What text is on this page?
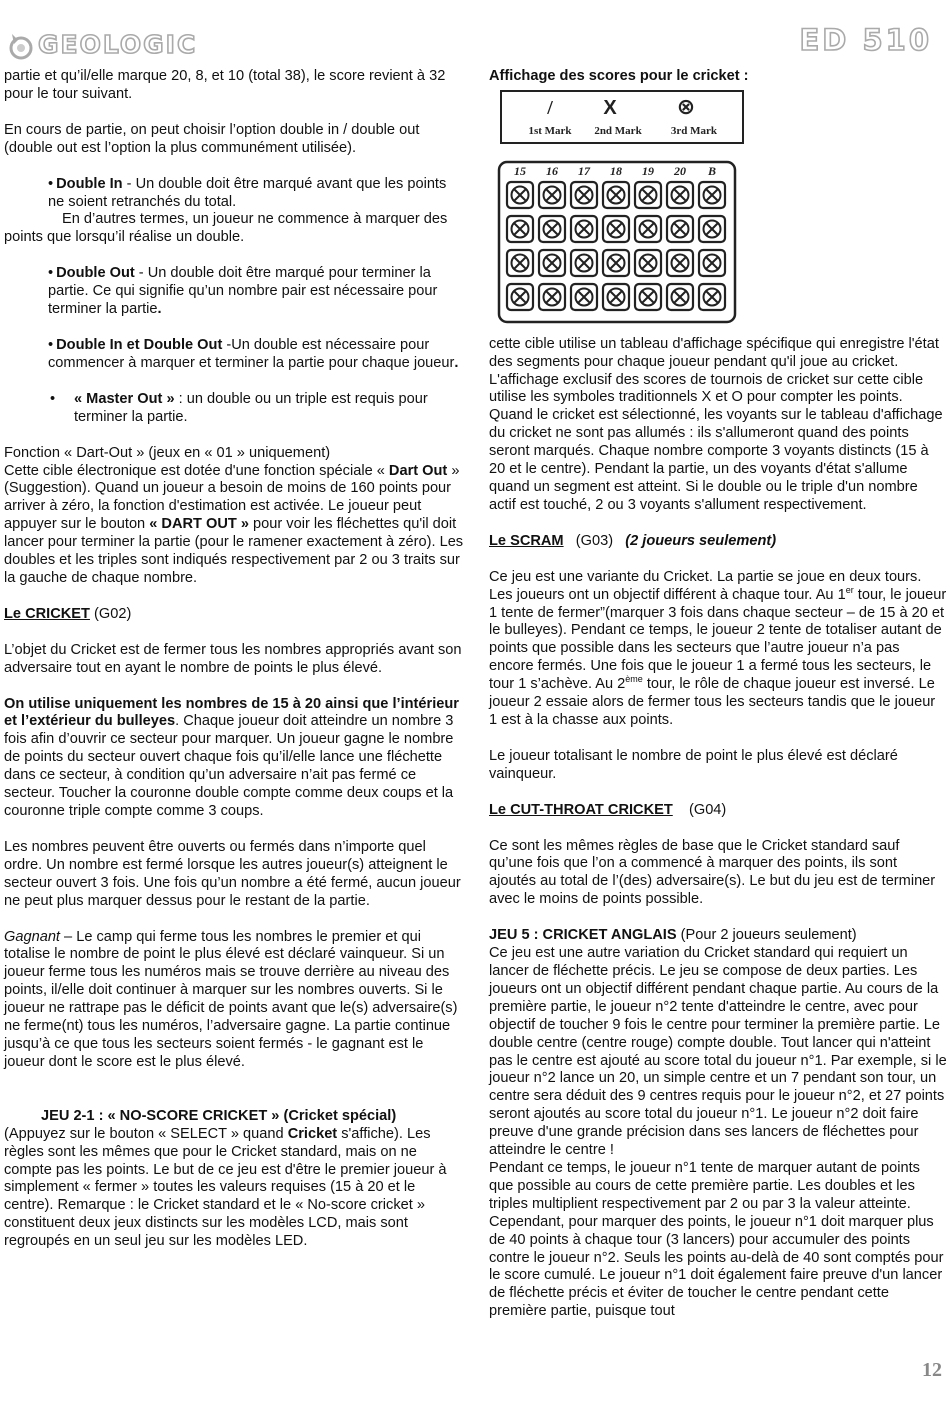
GEOLOGIC	ED 510

partie et qu’il/elle marque 20, 8, et 10 (total 38), le score revient à 32 pour le tour suivant.

En cours de partie, on peut choisir l’option double in / double out (double out est l’option la plus communément utilisée).

• Double In - Un double doit être marqué avant que les points ne soient retranchés du total.

En d’autres termes, un joueur ne commence à marquer des points que lorsqu’il réalise un double.

• Double Out - Un double doit être marqué pour terminer la partie. Ce qui signifie qu’un nombre pair est nécessaire pour terminer la partie.

• Double In et Double Out -Un double est nécessaire pour commencer à marquer et terminer la partie pour chaque joueur.

•	« Master Out » : un double ou un triple est requis pour terminer la partie.

Fonction « Dart-Out » (jeux en « 01 » uniquement)

Cette cible électronique est dotée d'une fonction spéciale « Dart Out » (Suggestion). Quand un joueur a besoin de moins de 160 points pour arriver à zéro, la fonction d'estimation est activée. Le joueur peut appuyer sur le bouton « DART OUT » pour voir les fléchettes qu'il doit lancer pour terminer la partie (pour le ramener exactement à zéro). Les doubles et les triples sont indiqués respectivement par 2 ou 3 traits sur la gauche de chaque nombre.

Le CRICKET (G02)

L’objet du Cricket est de fermer tous les nombres appropriés avant son adversaire tout en ayant le nombre de points le plus élevé.

On utilise uniquement les nombres de 15 à 20 ainsi que l’intérieur et l’extérieur du bulleyes. Chaque joueur doit atteindre un nombre 3 fois afin d’ouvrir ce secteur pour marquer. Un joueur gagne le nombre de points du secteur ouvert chaque fois qu’il/elle lance une fléchette dans ce secteur, à condition qu’un adversaire n’ait pas fermé ce secteur. Toucher la couronne double compte comme deux coups et la couronne triple compte comme 3 coups.

Les nombres peuvent être ouverts ou fermés dans n’importe quel ordre. Un nombre est fermé lorsque les autres joueur(s) atteignent le secteur ouvert 3 fois. Une fois qu’un nombre a été fermé, aucun joueur ne peut plus marquer dessus pour le restant de la partie.

Gagnant – Le camp qui ferme tous les nombres le premier et qui totalise le nombre de point le plus élevé est déclaré vainqueur. Si un joueur ferme tous les numéros mais se trouve derrière au niveau des points, il/elle doit continuer à marquer sur les nombres ouverts. Si le joueur ne rattrape pas le déficit de points avant que le(s) adversaire(s) ne ferme(nt) tous les numéros, l’adversaire gagne. La partie continue jusqu’à ce que tous les secteurs soient fermés - le gagnant est le joueur dont le score est le plus élevé.

JEU 2-1 : « NO-SCORE CRICKET » (Cricket spécial)

(Appuyez sur le bouton « SELECT » quand Cricket s'affiche). Les règles sont les mêmes que pour le Cricket standard, mais on ne compte pas les points. Le but de ce jeu est d'être le premier joueur à simplement « fermer » toutes les valeurs requises (15 à 20 et le centre). Remarque : le Cricket standard et le « No-score cricket » constituent deux jeux distincts sur les modèles LCD, mais sont regroupés en un seul jeu sur les modèles LED.

Affichage des scores pour le cricket :

/	X	⊗
1st Mark 2nd Mark	3rd Mark

15 16 17 18 19 20 B

cette cible utilise un tableau d'affichage spécifique qui enregistre l'état des segments pour chaque joueur pendant qu'il joue au cricket. L'affichage exclusif des scores de tournois de cricket sur cette cible utilise les symboles traditionnels X et O pour compter les points. Quand le cricket est sélectionné, les voyants sur le tableau d'affichage du cricket ne sont pas allumés : ils s'allumeront quand des points seront marqués. Chaque nombre comporte 3 voyants distincts (15 à 20 et le centre). Pendant la partie, un des voyants d'état s'allume quand un segment est atteint. Si le double ou le triple d'un nombre actif est touché, 2 ou 3 voyants s'allument respectivement.

Le SCRAM (G03) (2 joueurs seulement)

Ce jeu est une variante du Cricket. La partie se joue en deux tours. Les joueurs ont un objectif différent à chaque tour. Au 1er tour, le joueur 1 tente de fermer”(marquer 3 fois dans chaque secteur – de 15 à 20 et le bulleyes). Pendant ce temps, le joueur 2 tente de totaliser autant de points que possible dans les secteurs que l’autre joueur n’a pas encore fermés. Une fois que le joueur 1 a fermé tous les secteurs, le tour 1 s’achève. Au 2ème tour, le rôle de chaque joueur est inversé. Le joueur 2 essaie alors de fermer tous les secteurs tandis que le joueur 1 est à la chasse aux points.

Le joueur totalisant le nombre de point le plus élevé est déclaré vainqueur.

Le CUT-THROAT CRICKET (G04)

Ce sont les mêmes règles de base que le Cricket standard sauf qu’une fois que l’on a commencé à marquer des points, ils sont ajoutés au total de l’(des) adversaire(s). Le but du jeu est de terminer avec le moins de points possible.

JEU 5 : CRICKET ANGLAIS (Pour 2 joueurs seulement)

Ce jeu est une autre variation du Cricket standard qui requiert un lancer de fléchette précis. Le jeu se compose de deux parties. Les joueurs ont un objectif différent pendant chaque partie. Au cours de la première partie, le joueur n°2 tente d'atteindre le centre, avec pour objectif de toucher 9 fois le centre pour terminer la première partie. Le double centre (centre rouge) compte double. Tout lancer qui n'atteint pas le centre est ajouté au score total du joueur n°1. Par exemple, si le joueur n°2 lance un 20, un simple centre et un 7 pendant son tour, un centre sera déduit des 9 centres requis pour le joueur n°2, et 27 points seront ajoutés au score total du joueur n°1. Le joueur n°2 doit faire preuve d'une grande précision dans ses lancers de fléchettes pour atteindre le centre !

Pendant ce temps, le joueur n°1 tente de marquer autant de points que possible au cours de cette première partie. Les doubles et les triples multiplient respectivement par 2 ou par 3 la valeur atteinte. Cependant, pour marquer des points, le joueur n°1 doit marquer plus de 40 points à chaque tour (3 lancers) pour accumuler des points contre le joueur n°2. Seuls les points au-delà de 40 sont comptés pour le score cumulé. Le joueur n°1 doit également faire preuve d'un lancer de fléchette précis et éviter de toucher le centre pendant cette première partie, puisque tout

12
